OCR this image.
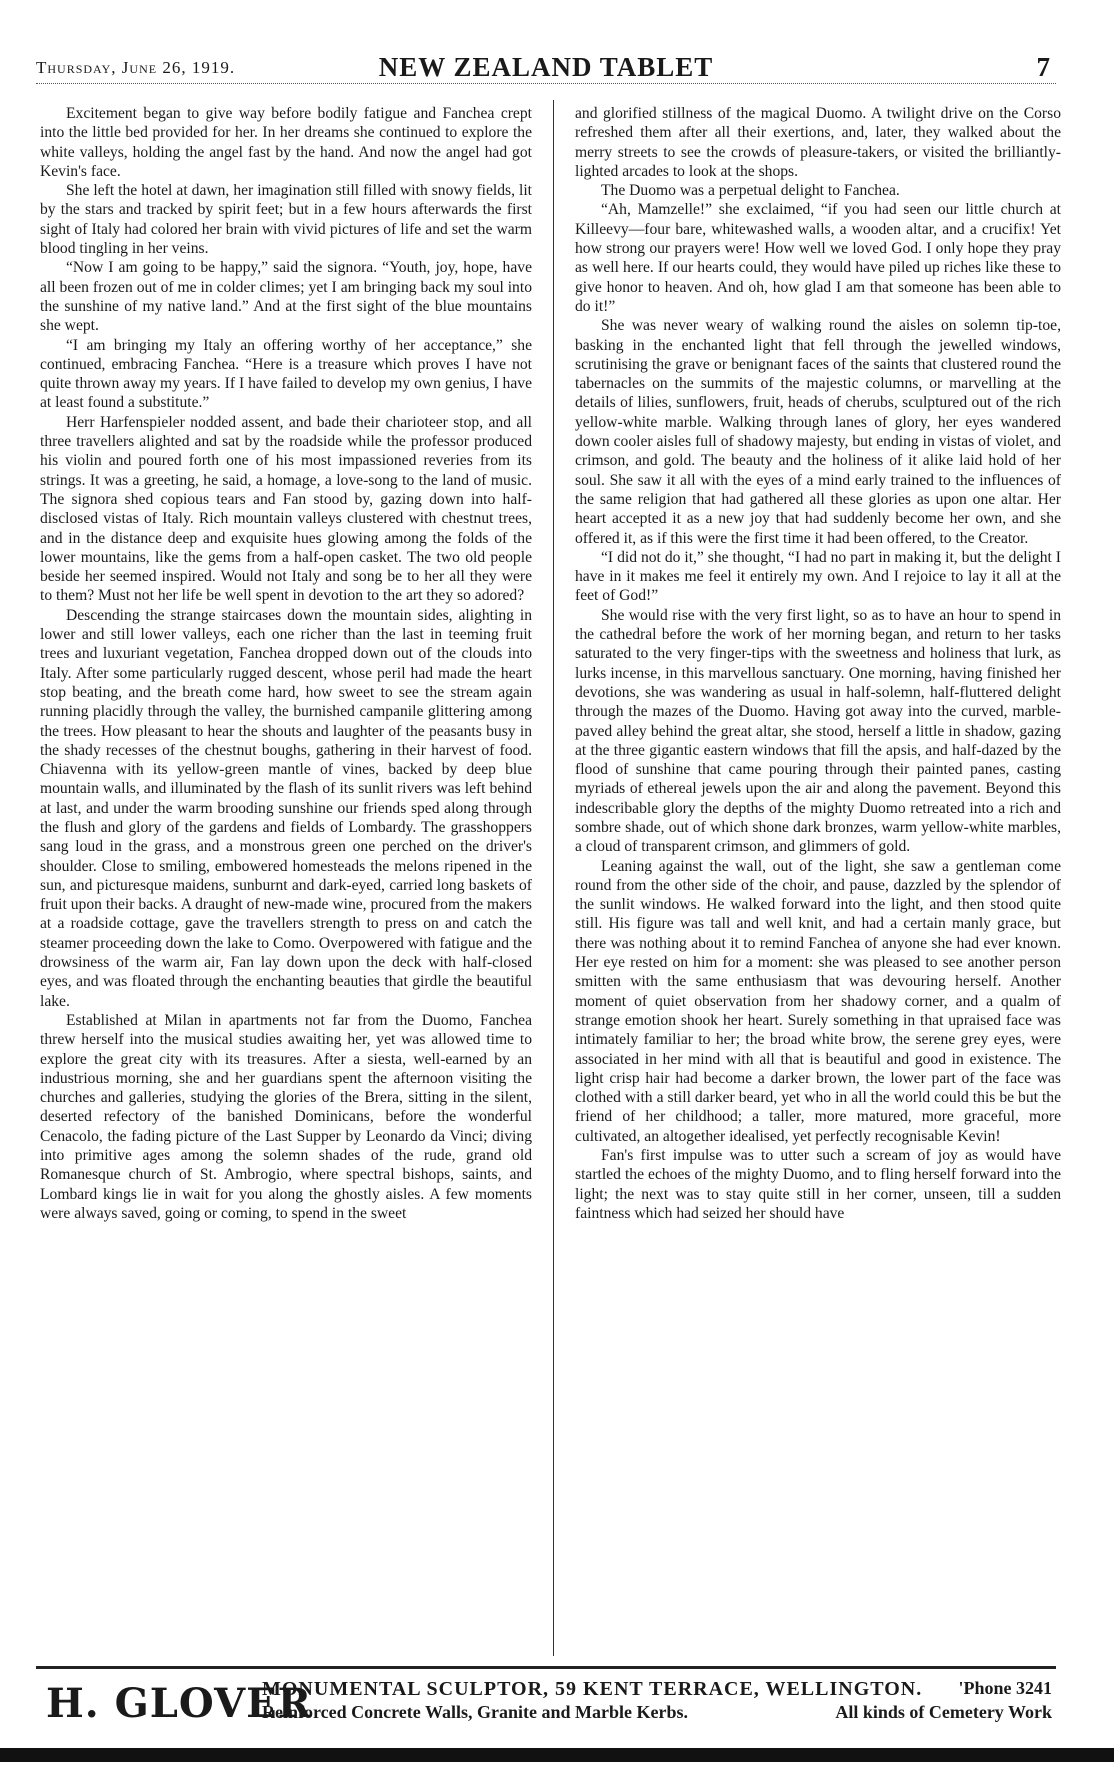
Thursday, June 26, 1919.	NEW ZEALAND TABLET	7

Excitement began to give way before bodily fatigue and Fanchea crept into the little bed provided for her. In her dreams she continued to explore the white valleys, holding the angel fast by the hand. And now the angel had got Kevin's face.

She left the hotel at dawn, her imagination still filled with snowy fields, lit by the stars and tracked by spirit feet; but in a few hours afterwards the first sight of Italy had colored her brain with vivid pictures of life and set the warm blood tingling in her veins.

“Now I am going to be happy,” said the signora. “Youth, joy, hope, have all been frozen out of me in colder climes; yet I am bringing back my soul into the sunshine of my native land.” And at the first sight of the blue mountains she wept.

“I am bringing my Italy an offering worthy of her acceptance,” she continued, embracing Fanchea. “Here is a treasure which proves I have not quite thrown away my years. If I have failed to develop my own genius, I have at least found a substitute.”

Herr Harfenspieler nodded assent, and bade their charioteer stop, and all three travellers alighted and sat by the roadside while the professor produced his violin and poured forth one of his most impassioned reveries from its strings. It was a greeting, he said, a homage, a love-song to the land of music. The signora shed copious tears and Fan stood by, gazing down into half-disclosed vistas of Italy. Rich mountain valleys clustered with chestnut trees, and in the distance deep and exquisite hues glowing among the folds of the lower mountains, like the gems from a half-open casket. The two old people beside her seemed inspired. Would not Italy and song be to her all they were to them? Must not her life be well spent in devotion to the art they so adored?

Descending the strange staircases down the mountain sides, alighting in lower and still lower valleys, each one richer than the last in teeming fruit trees and luxuriant vegetation, Fanchea dropped down out of the clouds into Italy. After some particularly rugged descent, whose peril had made the heart stop beating, and the breath come hard, how sweet to see the stream again running placidly through the valley, the burnished campanile glittering among the trees. How pleasant to hear the shouts and laughter of the peasants busy in the shady recesses of the chestnut boughs, gathering in their harvest of food. Chiavenna with its yellow-green mantle of vines, backed by deep blue mountain walls, and illuminated by the flash of its sunlit rivers was left behind at last, and under the warm brooding sunshine our friends sped along through the flush and glory of the gardens and fields of Lombardy. The grasshoppers sang loud in the grass, and a monstrous green one perched on the driver's shoulder. Close to smiling, embowered homesteads the melons ripened in the sun, and picturesque maidens, sunburnt and dark-eyed, carried long baskets of fruit upon their backs. A draught of new-made wine, procured from the makers at a roadside cottage, gave the travellers strength to press on and catch the steamer proceeding down the lake to Como. Overpowered with fatigue and the drowsiness of the warm air, Fan lay down upon the deck with half-closed eyes, and was floated through the enchanting beauties that girdle the beautiful lake.

Established at Milan in apartments not far from the Duomo, Fanchea threw herself into the musical studies awaiting her, yet was allowed time to explore the great city with its treasures. After a siesta, well-earned by an industrious morning, she and her guardians spent the afternoon visiting the churches and galleries, studying the glories of the Brera, sitting in the silent, deserted refectory of the banished Dominicans, before the wonderful Cenacolo, the fading picture of the Last Supper by Leonardo da Vinci; diving into primitive ages among the solemn shades of the rude, grand old Romanesque church of St. Ambrogio, where spectral bishops, saints, and Lombard kings lie in wait for you along the ghostly aisles. A few moments were always saved, going or coming, to spend in the sweet

and glorified stillness of the magical Duomo. A twilight drive on the Corso refreshed them after all their exertions, and, later, they walked about the merry streets to see the crowds of pleasure-takers, or visited the brilliantly-lighted arcades to look at the shops.

The Duomo was a perpetual delight to Fanchea.

“Ah, Mamzelle!” she exclaimed, “if you had seen our little church at Killeevy—four bare, whitewashed walls, a wooden altar, and a crucifix! Yet how strong our prayers were! How well we loved God. I only hope they pray as well here. If our hearts could, they would have piled up riches like these to give honor to heaven. And oh, how glad I am that someone has been able to do it!”

She was never weary of walking round the aisles on solemn tip-toe, basking in the enchanted light that fell through the jewelled windows, scrutinising the grave or benignant faces of the saints that clustered round the tabernacles on the summits of the majestic columns, or marvelling at the details of lilies, sunflowers, fruit, heads of cherubs, sculptured out of the rich yellow-white marble. Walking through lanes of glory, her eyes wandered down cooler aisles full of shadowy majesty, but ending in vistas of violet, and crimson, and gold. The beauty and the holiness of it alike laid hold of her soul. She saw it all with the eyes of a mind early trained to the influences of the same religion that had gathered all these glories as upon one altar. Her heart accepted it as a new joy that had suddenly become her own, and she offered it, as if this were the first time it had been offered, to the Creator.

“I did not do it,” she thought, “I had no part in making it, but the delight I have in it makes me feel it entirely my own. And I rejoice to lay it all at the feet of God!”

She would rise with the very first light, so as to have an hour to spend in the cathedral before the work of her morning began, and return to her tasks saturated to the very finger-tips with the sweetness and holiness that lurk, as lurks incense, in this marvellous sanctuary. One morning, having finished her devotions, she was wandering as usual in half-solemn, half-fluttered delight through the mazes of the Duomo. Having got away into the curved, marble-paved alley behind the great altar, she stood, herself a little in shadow, gazing at the three gigantic eastern windows that fill the apsis, and half-dazed by the flood of sunshine that came pouring through their painted panes, casting myriads of ethereal jewels upon the air and along the pavement. Beyond this indescribable glory the depths of the mighty Duomo retreated into a rich and sombre shade, out of which shone dark bronzes, warm yellow-white marbles, a cloud of transparent crimson, and glimmers of gold.

Leaning against the wall, out of the light, she saw a gentleman come round from the other side of the choir, and pause, dazzled by the splendor of the sunlit windows. He walked forward into the light, and then stood quite still. His figure was tall and well knit, and had a certain manly grace, but there was nothing about it to remind Fanchea of anyone she had ever known. Her eye rested on him for a moment: she was pleased to see another person smitten with the same enthusiasm that was devouring herself. Another moment of quiet observation from her shadowy corner, and a qualm of strange emotion shook her heart. Surely something in that upraised face was intimately familiar to her; the broad white brow, the serene grey eyes, were associated in her mind with all that is beautiful and good in existence. The light crisp hair had become a darker brown, the lower part of the face was clothed with a still darker beard, yet who in all the world could this be but the friend of her childhood; a taller, more matured, more graceful, more cultivated, an altogether idealised, yet perfectly recognisable Kevin!

Fan's first impulse was to utter such a scream of joy as would have startled the echoes of the mighty Duomo, and to fling herself forward into the light; the next was to stay quite still in her corner, unseen, till a sudden faintness which had seized her should have

H. GLOVER
MONUMENTAL SCULPTOR, 59 KENT TERRACE, WELLINGTON. 'Phone 3241
Reinforced Concrete Walls, Granite and Marble Kerbs.	All kinds of Cemetery Work
